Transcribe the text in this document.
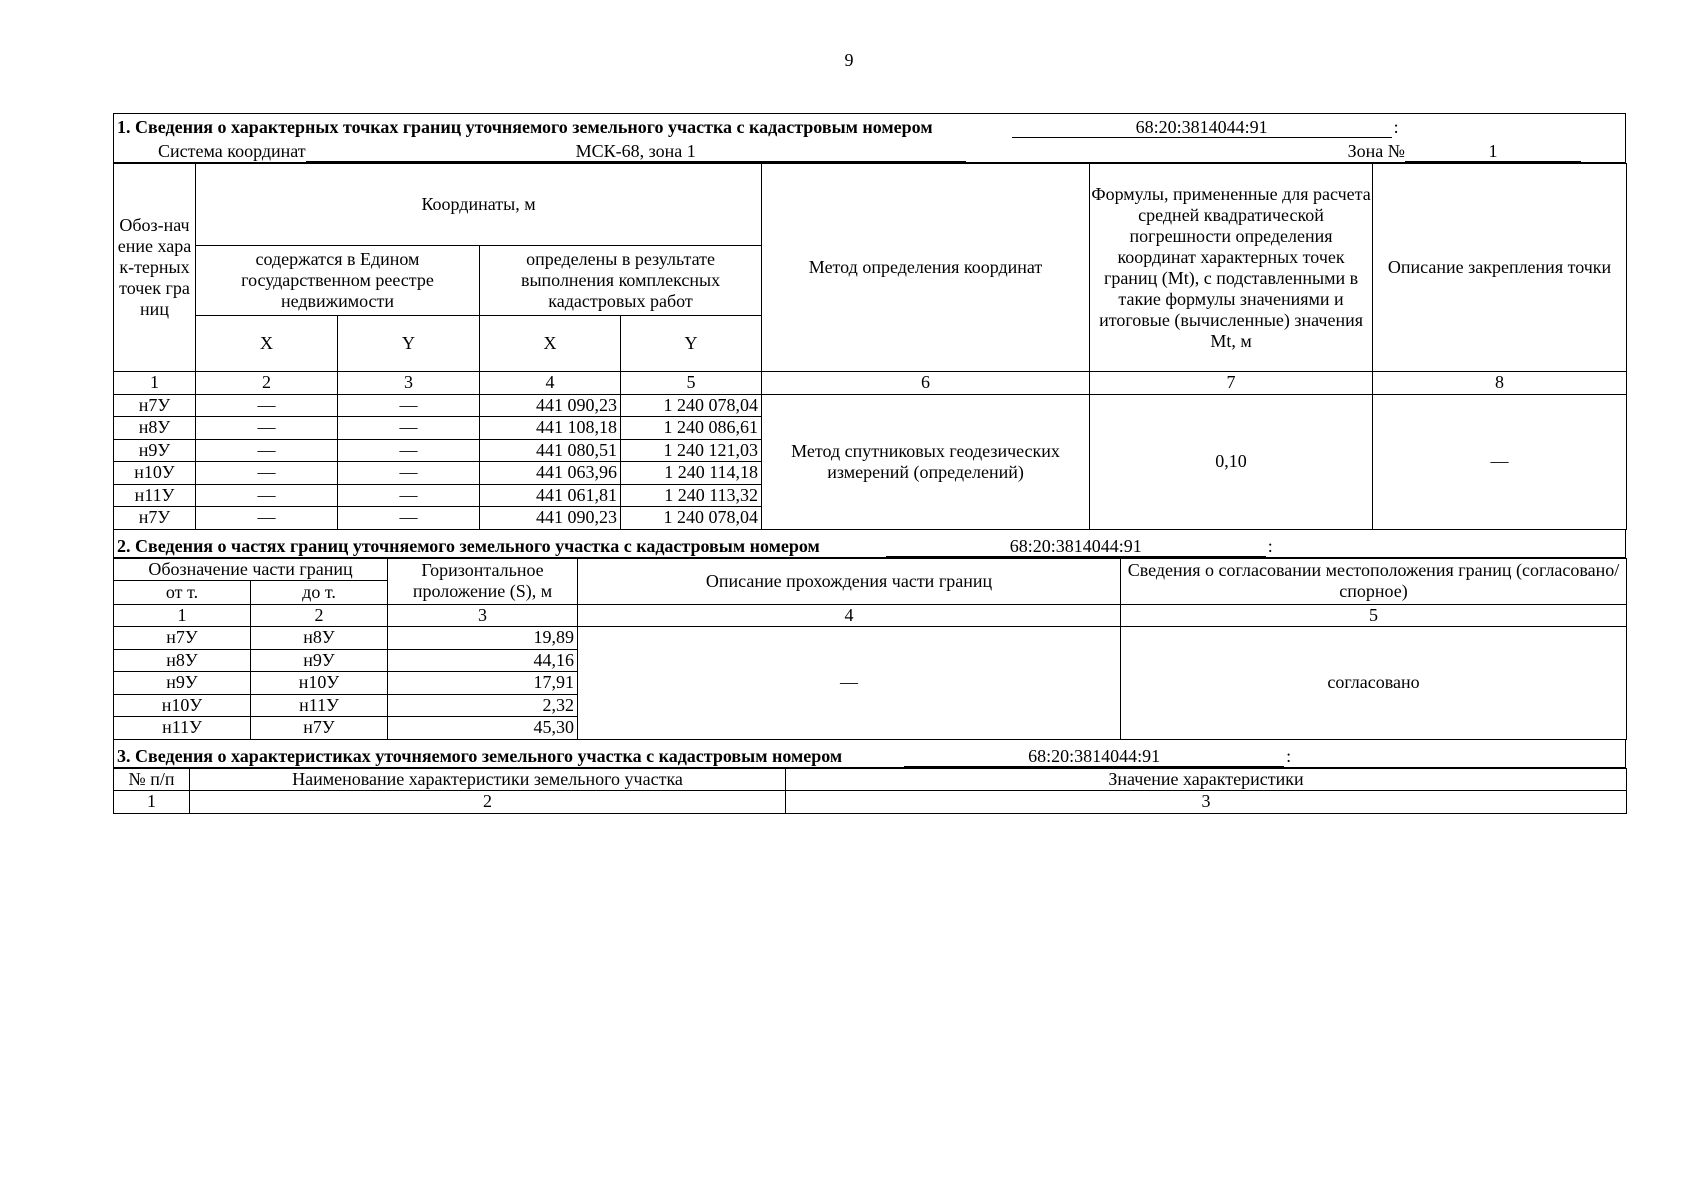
9
1. Сведения о характерных точках границ уточняемого земельного участка с кадастровым номером	68:20:3814044:91	:
Система координат	МСК-68, зона 1	Зона №	1
Обоз-начение харак-терных точек границ	Координаты, м				Метод определения координат	Формулы, примененные для расчета средней квадратической погрешности определения координат характерных точек границ (Mt), с подставленными в такие формулы значениями и итоговые (вычисленные) значения Mt, м	Описание закрепления точки
	содержатся в Едином государственном реестре недвижимости		определены в результате выполнения комплексных кадастровых работ				
	X	Y	X	Y			
1	2	3	4	5	6	7	8
н7У	—	—	441 090,23	1 240 078,04	Метод спутниковых геодезических измерений (определений)	0,10	—
н8У	—	—	441 108,18	1 240 086,61			
н9У	—	—	441 080,51	1 240 121,03			
н10У	—	—	441 063,96	1 240 114,18			
н11У	—	—	441 061,81	1 240 113,32			
н7У	—	—	441 090,23	1 240 078,04			
2. Сведения о частях границ уточняемого земельного участка с кадастровым номером	68:20:3814044:91	:
Обозначение части границ		Горизонтальное проложение (S), м	Описание прохождения части границ	Сведения о согласовании местоположения границ (согласовано/спорное)
от т.	до т.			
1	2	3	4	5
н7У	н8У	19,89	—	согласовано
н8У	н9У	44,16		
н9У	н10У	17,91		
н10У	н11У	2,32		
н11У	н7У	45,30		
3. Сведения о характеристиках уточняемого земельного участка с кадастровым номером	68:20:3814044:91	:
№ п/п	Наименование характеристики земельного участка	Значение характеристики
1	2	3
